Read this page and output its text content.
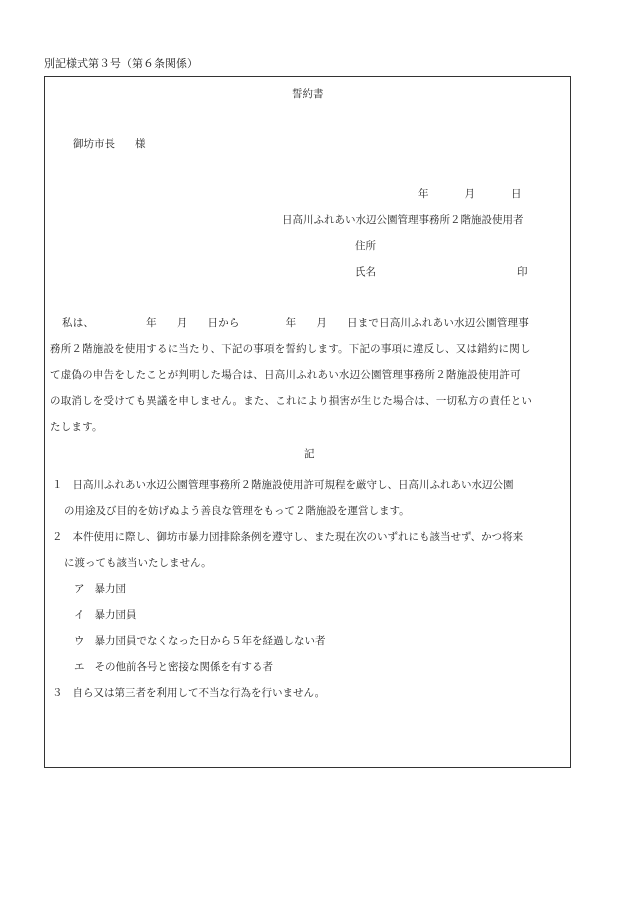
別記様式第３号（第６条関係）
誓約書
御坊市長 様
年	月	日
日高川ふれあい水辺公園管理事務所２階施設使用者
住所
氏名	印
私は、	年 月 日から	年 月 日まで日高川ふれあい水辺公園管理事
務所２階施設を使用するに当たり、下記の事項を誓約します。下記の事項に違反し、又は錯約に関し
て虚偽の申告をしたことが判明した場合は、日高川ふれあい水辺公園管理事務所２階施設使用許可
の取消しを受けても異議を申しません。また、これにより損害が生じた場合は、一切私方の責任とい
たします。
記
１ 日高川ふれあい水辺公園管理事務所２階施設使用許可規程を厳守し、日高川ふれあい水辺公園
の用途及び目的を妨げぬよう善良な管理をもって２階施設を運営します。
２ 本件使用に際し、御坊市暴力団排除条例を遵守し、また現在次のいずれにも該当せず、かつ将来
に渡っても該当いたしません。
ア 暴力団
イ 暴力団員
ウ 暴力団員でなくなった日から５年を経過しない者
エ その他前各号と密接な関係を有する者
３ 自ら又は第三者を利用して不当な行為を行いません。
